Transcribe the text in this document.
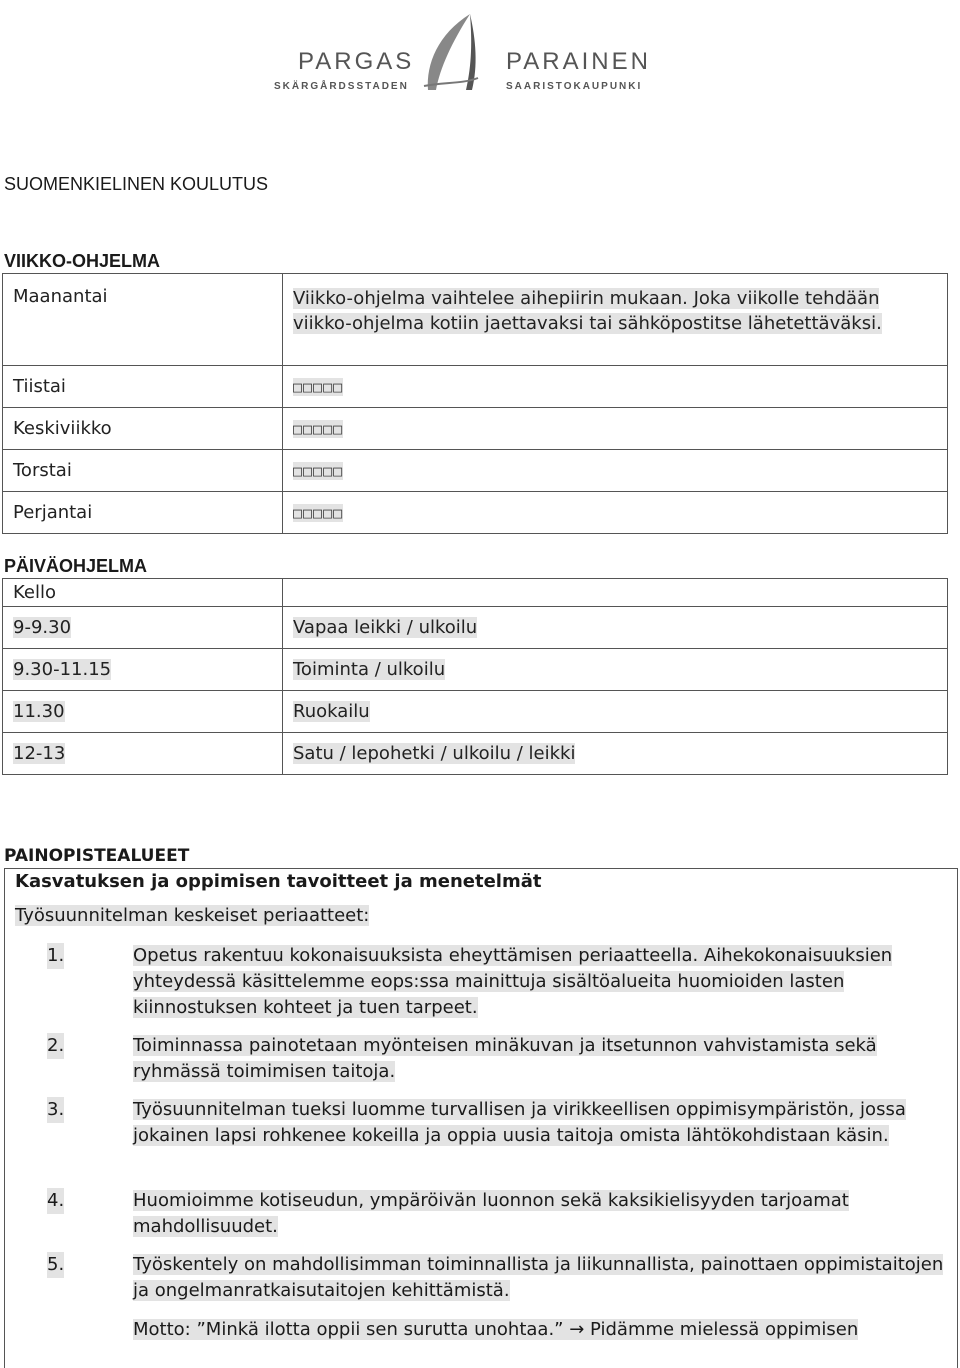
PARGAS
SKÄRGÅRDSSTADEN
PARAINEN
SAARISTOKAUPUNKI
SUOMENKIELINEN KOULUTUS
VIIKKO-OHJELMA
Maanantai	Viikko-ohjelma vaihtelee aihepiirin mukaan. Joka viikolle tehdään viikko-ohjelma kotiin jaettavaksi tai sähköpostitse lähetettäväksi.
Tiistai	□□□□□
Keskiviikko	□□□□□
Torstai	□□□□□
Perjantai	□□□□□
PÄIVÄOHJELMA
Kello	
9-9.30	Vapaa leikki / ulkoilu
9.30-11.15	Toiminta / ulkoilu
11.30	Ruokailu
12-13	Satu / lepohetki / ulkoilu / leikki
PAINOPISTEALUEET
Kasvatuksen ja oppimisen tavoitteet ja menetelmät
Työsuunnitelman keskeiset periaatteet:
1.	Opetus rakentuu kokonaisuuksista eheyttämisen periaatteella. Aihekokonaisuuksien yhteydessä käsittelemme eops:ssa mainittuja sisältöalueita huomioiden lasten kiinnostuksen kohteet ja tuen tarpeet.
2.	Toiminnassa painotetaan myönteisen minäkuvan ja itsetunnon vahvistamista sekä ryhmässä toimimisen taitoja.
3.	Työsuunnitelman tueksi luomme turvallisen ja virikkeellisen oppimisympäristön, jossa jokainen lapsi rohkenee kokeilla ja oppia uusia taitoja omista lähtökohdistaan käsin.
4.	Huomioimme kotiseudun, ympäröivän luonnon sekä kaksikielisyyden tarjoamat mahdollisuudet.
5.	Työskentely on mahdollisimman toiminnallista ja liikunnallista, painottaen oppimistaitojen ja ongelmanratkaisutaitojen kehittämistä.
Motto: ”Minkä ilotta oppii sen surutta unohtaa.” → Pidämme mielessä oppimisen
